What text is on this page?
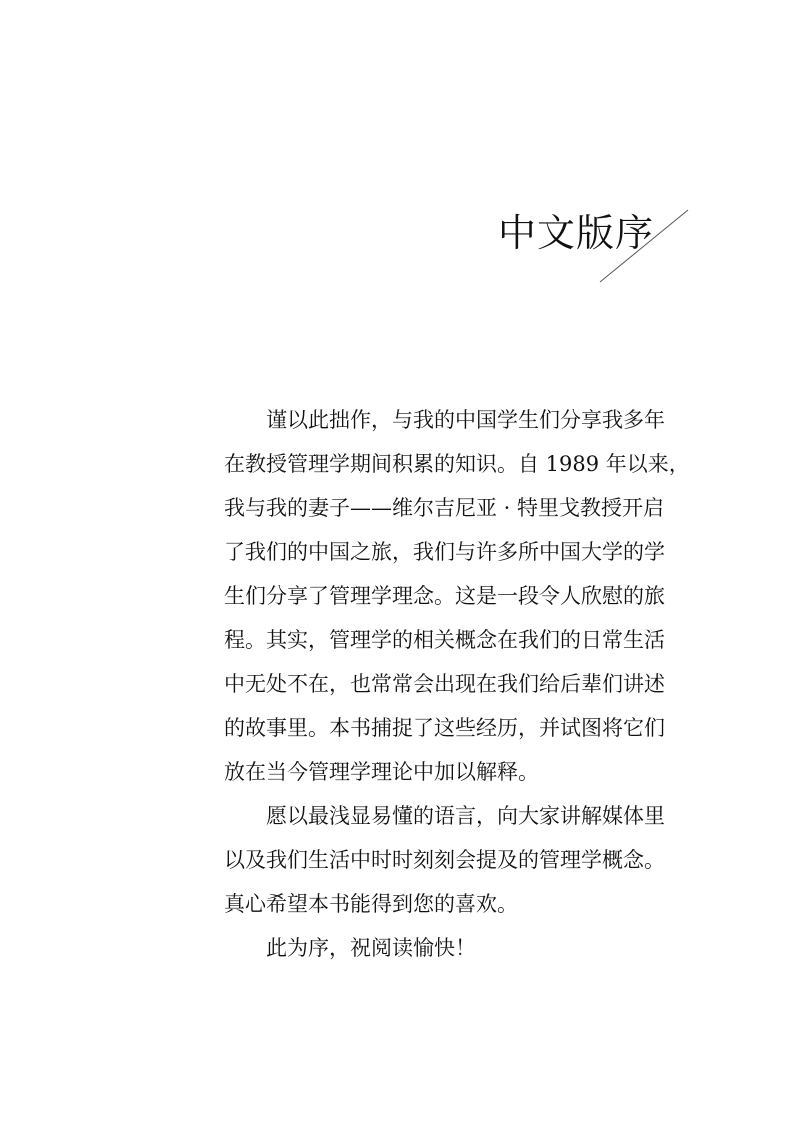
中文版序
谨以此拙作，与我的中国学生们分享我多年
在教授管理学期间积累的知识。自 1989 年以来，
我与我的妻子——维尔吉尼亚 · 特里戈教授开启
了我们的中国之旅，我们与许多所中国大学的学
生们分享了管理学理念。这是一段令人欣慰的旅
程。其实，管理学的相关概念在我们的日常生活
中无处不在，也常常会出现在我们给后辈们讲述
的故事里。本书捕捉了这些经历，并试图将它们
放在当今管理学理论中加以解释。
愿以最浅显易懂的语言，向大家讲解媒体里
以及我们生活中时时刻刻会提及的管理学概念。
真心希望本书能得到您的喜欢。
此为序，祝阅读愉快！
